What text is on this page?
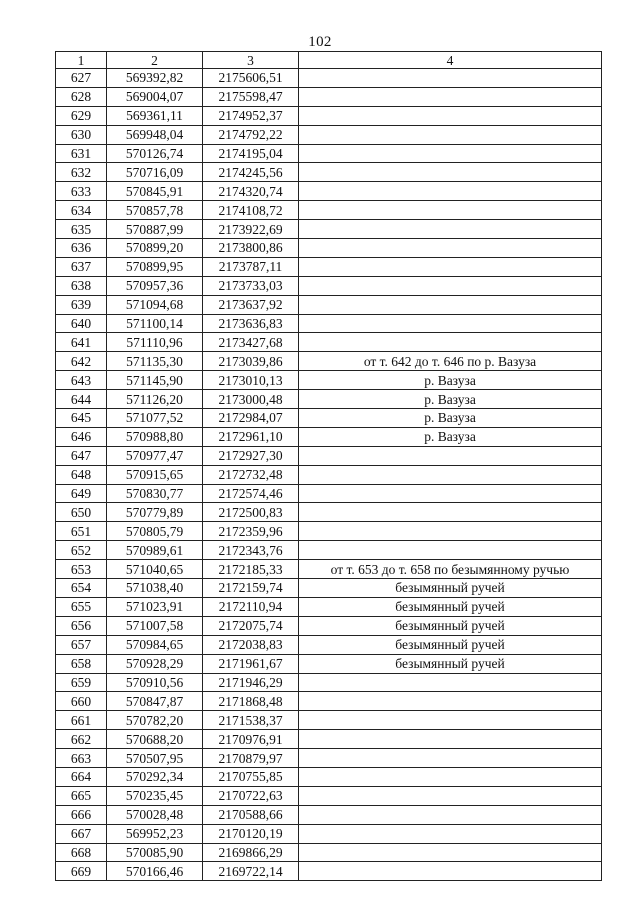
102
1	2	3	4
627	569392,82	2175606,51	
628	569004,07	2175598,47	
629	569361,11	2174952,37	
630	569948,04	2174792,22	
631	570126,74	2174195,04	
632	570716,09	2174245,56	
633	570845,91	2174320,74	
634	570857,78	2174108,72	
635	570887,99	2173922,69	
636	570899,20	2173800,86	
637	570899,95	2173787,11	
638	570957,36	2173733,03	
639	571094,68	2173637,92	
640	571100,14	2173636,83	
641	571110,96	2173427,68	
642	571135,30	2173039,86	от т. 642 до т. 646 по р. Вазуза
643	571145,90	2173010,13	р. Вазуза
644	571126,20	2173000,48	р. Вазуза
645	571077,52	2172984,07	р. Вазуза
646	570988,80	2172961,10	р. Вазуза
647	570977,47	2172927,30	
648	570915,65	2172732,48	
649	570830,77	2172574,46	
650	570779,89	2172500,83	
651	570805,79	2172359,96	
652	570989,61	2172343,76	
653	571040,65	2172185,33	от т. 653 до т. 658 по безымянному ручью
654	571038,40	2172159,74	безымянный ручей
655	571023,91	2172110,94	безымянный ручей
656	571007,58	2172075,74	безымянный ручей
657	570984,65	2172038,83	безымянный ручей
658	570928,29	2171961,67	безымянный ручей
659	570910,56	2171946,29	
660	570847,87	2171868,48	
661	570782,20	2171538,37	
662	570688,20	2170976,91	
663	570507,95	2170879,97	
664	570292,34	2170755,85	
665	570235,45	2170722,63	
666	570028,48	2170588,66	
667	569952,23	2170120,19	
668	570085,90	2169866,29	
669	570166,46	2169722,14	
